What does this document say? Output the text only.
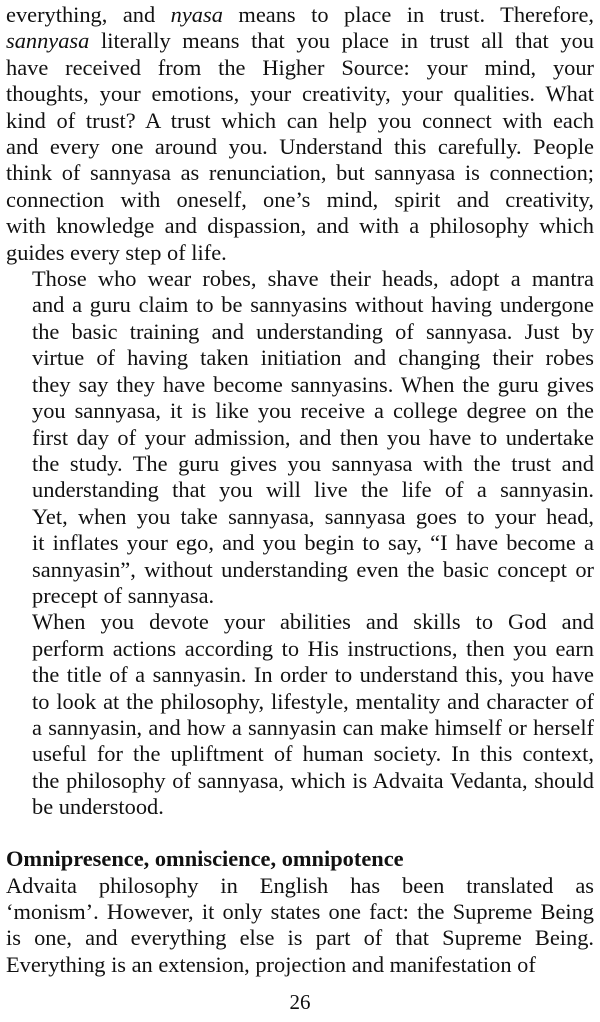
everything, and nyasa means to place in trust. Therefore,
sannyasa literally means that you place in trust all that you
have received from the Higher Source: your mind, your
thoughts, your emotions, your creativity, your qualities. What
kind of trust? A trust which can help you connect with each
and every one around you. Understand this carefully. People
think of sannyasa as renunciation, but sannyasa is connection;
connection with oneself, one’s mind, spirit and creativity,
with knowledge and dispassion, and with a philosophy which
guides every step of life.

Those who wear robes, shave their heads, adopt a mantra
and a guru claim to be sannyasins without having undergone
the basic training and understanding of sannyasa. Just by
virtue of having taken initiation and changing their robes
they say they have become sannyasins. When the guru gives
you sannyasa, it is like you receive a college degree on the
first day of your admission, and then you have to undertake
the study. The guru gives you sannyasa with the trust and
understanding that you will live the life of a sannyasin.
Yet, when you take sannyasa, sannyasa goes to your head,
it inflates your ego, and you begin to say, “I have become a
sannyasin”, without understanding even the basic concept or
precept of sannyasa.

When you devote your abilities and skills to God and
perform actions according to His instructions, then you earn
the title of a sannyasin. In order to understand this, you have
to look at the philosophy, lifestyle, mentality and character of
a sannyasin, and how a sannyasin can make himself or herself
useful for the upliftment of human society. In this context,
the philosophy of sannyasa, which is Advaita Vedanta, should
be understood.

Omnipresence, omniscience, omnipotence

Advaita philosophy in English has been translated as
‘monism’. However, it only states one fact: the Supreme Being
is one, and everything else is part of that Supreme Being.
Everything is an extension, projection and manifestation of

26
